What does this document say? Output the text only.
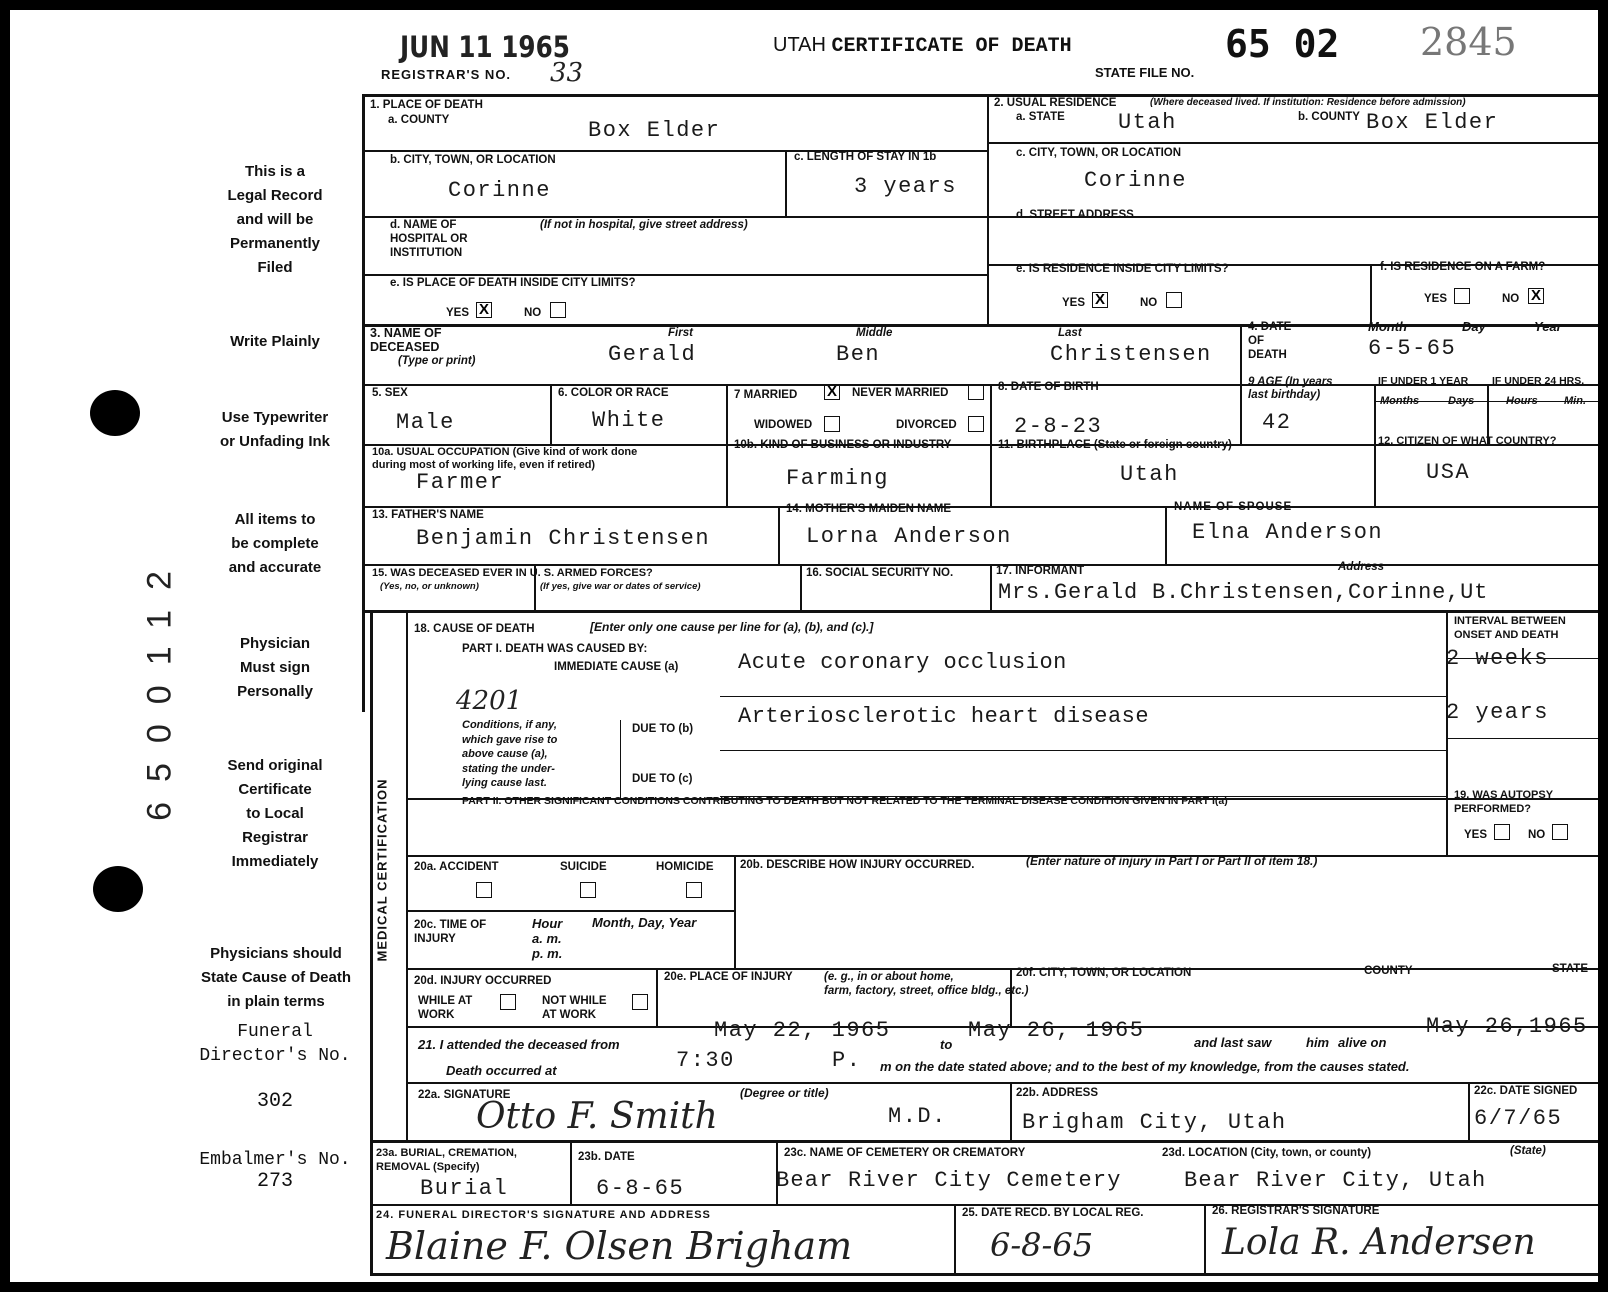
6500112
JUN 11 1965
REGISTRAR'S NO. 33
UTAH CERTIFICATE OF DEATH	65 02
STATE FILE NO.
2845
This is a
Legal Record
and will be
Permanently
Filed
Write Plainly
Use Typewriter
or Unfading Ink
All items to
be complete
and accurate
Physician
Must sign
Personally
Send original
Certificate
to Local
Registrar
Immediately
Physicians should
State Cause of Death
in plain terms
Funeral
Director's No.
302
Embalmer's No.
273
1. PLACE OF DEATH
a. COUNTY	Box Elder
b. CITY, TOWN, OR LOCATION
Corinne
c. LENGTH OF STAY IN 1b
3 years
d. NAME OF
HOSPITAL OR
INSTITUTION
(If not in hospital, give street address)
e. IS PLACE OF DEATH INSIDE CITY LIMITS?
YES X	NO
2. USUAL RESIDENCE	(Where deceased lived. If institution: Residence before admission)
a. STATE Utah	b. COUNTY Box Elder
c. CITY, TOWN, OR LOCATION
Corinne
d. STREET ADDRESS
e. IS RESIDENCE INSIDE CITY LIMITS?
YES X	NO
f. IS RESIDENCE ON A FARM?
YES	NO X
3. NAME OF
DECEASED
(Type or print)
First	Middle	Last
Gerald	Ben	Christensen
4. DATE
OF
DEATH
Month	Day	Year
6-5-65
5. SEX
Male
6. COLOR OR RACE
White
7 MARRIED X NEVER MARRIED
WIDOWED	DIVORCED
8. DATE OF BIRTH
2-8-23
9 AGE (In years
last birthday)
42
IF UNDER 1 YEAR IF UNDER 24 HRS.
Months	Days	Hours Min.
10a. USUAL OCCUPATION (Give kind of work done
during most of working life, even if retired)
Farmer
10b. KIND OF BUSINESS OR INDUSTRY
Farming
11. BIRTHPLACE (State or foreign country)
Utah
12. CITIZEN OF WHAT COUNTRY?
USA
13. FATHER'S NAME
Benjamin Christensen
14. MOTHER'S MAIDEN NAME
Lorna Anderson
NAME OF SPOUSE
Elna Anderson
15. WAS DECEASED EVER IN U. S. ARMED FORCES?
(Yes, no, or unknown)	(If yes, give war or dates of service)
16. SOCIAL SECURITY NO.	17. INFORMANT	Address
Mrs.Gerald B.Christensen,Corinne,Ut
MEDICAL CERTIFICATION
18. CAUSE OF DEATH	[Enter only one cause per line for (a), (b), and (c).]	INTERVAL BETWEEN
ONSET AND DEATH
PART I. DEATH WAS CAUSED BY:
IMMEDIATE CAUSE (a)	Acute coronary occlusion	2 weeks
4201
Conditions, if any,
which gave rise to
above cause (a),
stating the under-
lying cause last.
DUE TO (b) Arteriosclerotic heart disease	2 years
DUE TO (c)
PART II. OTHER SIGNIFICANT CONDITIONS CONTRIBUTING TO DEATH BUT NOT RELATED TO THE TERMINAL DISEASE CONDITION GIVEN IN PART I(a)	19. WAS AUTOPSY
PERFORMED?
YES	NO
20a. ACCIDENT	SUICIDE	HOMICIDE 20b. DESCRIBE HOW INJURY OCCURRED.	(Enter nature of injury in Part I or Part II of item 18.)
20c. TIME OF
INJURY
Hour
a. m.
p. m.
Month, Day, Year
20d. INJURY OCCURRED
WHILE AT
WORK
NOT WHILE
AT WORK
20e. PLACE OF INJURY	(e. g., in or about home,
farm, factory, street, office bldg., etc.)
20f. CITY, TOWN, OR LOCATION	COUNTY	STATE
21. I attended the deceased from
May 22, 1965
to
May 26, 1965	and last saw	him alive on
May 26,1965
Death occurred at	7:30	P. m on the date stated above; and to the best of my knowledge, from the causes stated.
22a. SIGNATURE	(Degree or title)
Otto F. Smith	M.D.
22b. ADDRESS
Brigham City, Utah
22c. DATE SIGNED
6/7/65
23a. BURIAL, CREMATION,
REMOVAL (Specify)
Burial
23b. DATE
6-8-65
23c. NAME OF CEMETERY OR CREMATORY
Bear River City Cemetery
23d. LOCATION (City, town, or county)	(State)
Bear River City, Utah
24. FUNERAL DIRECTOR'S SIGNATURE AND ADDRESS
Blaine F. Olsen Brigham
25. DATE RECD. BY LOCAL REG.
6-8-65
26. REGISTRAR'S SIGNATURE
Lola R. Andersen
